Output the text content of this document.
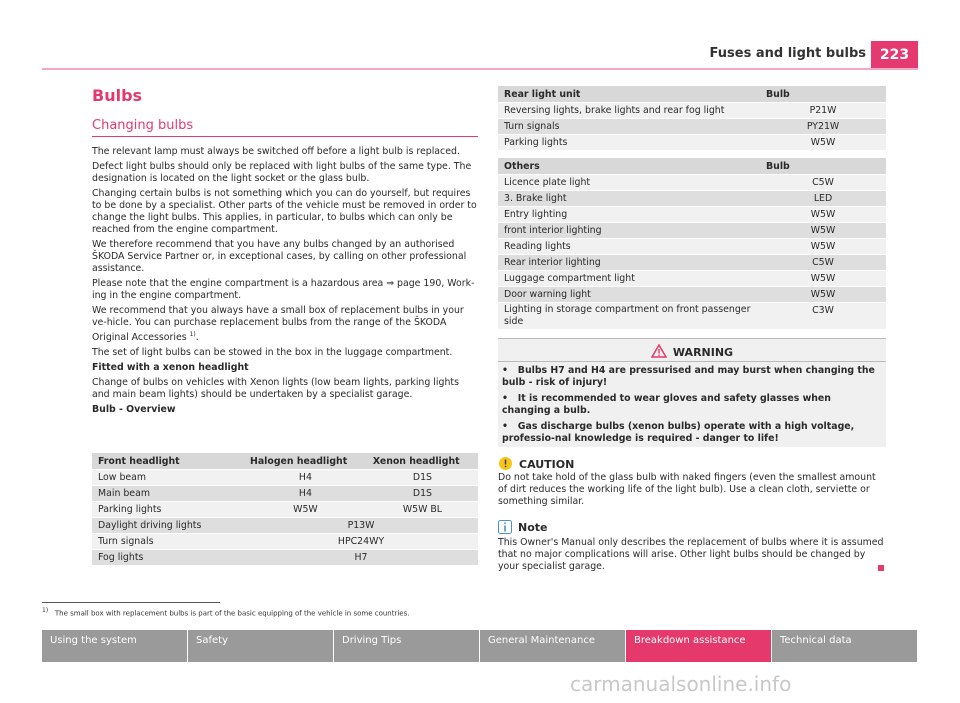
Fuses and light bulbs 223
Bulbs
Changing bulbs

The relevant lamp must always be switched off before a light bulb is replaced.

Defect light bulbs should only be replaced with light bulbs of the same type. The designation is located on the light socket or the glass bulb.

Changing certain bulbs is not something which you can do yourself, but requires to be done by a specialist. Other parts of the vehicle must be removed in order to change the light bulbs. This applies, in particular, to bulbs which can only be reached from the engine compartment.

We therefore recommend that you have any bulbs changed by an authorised ŠKODA Service Partner or, in exceptional cases, by calling on other professional assistance.

Please note that the engine compartment is a hazardous area ⇒ page 190, Work-ing in the engine compartment.

We recommend that you always have a small box of replacement bulbs in your ve-hicle. You can purchase replacement bulbs from the range of the ŠKODA Original Accessories $^{1)}$.

The set of light bulbs can be stowed in the box in the luggage compartment.

Fitted with a xenon headlight

Change of bulbs on vehicles with Xenon lights (low beam lights, parking lights and main beam lights) should be undertaken by a specialist garage.

Bulb - Overview

Front headlight	Halogen headlight	Xenon headlight
Low beam	H4	D1S
Main beam	H4	D1S
Parking lights	W5W	W5W BL
Daylight driving lights	P13W	
Turn signals	HPC24WY	
Fog lights	H7	
Rear light unit	Bulb
Reversing lights, brake lights and rear fog light	P21W
Turn signals	PY21W
Parking lights	W5W
Others	Bulb
Licence plate light	C5W
3. Brake light	LED
Entry lighting	W5W
front interior lighting	W5W
Reading lights	W5W
Rear interior lighting	C5W
Luggage compartment light	W5W
Door warning light	W5W
Lighting in storage compartment on front passenger side	C3W
WARNING

•   Bulbs H7 and H4 are pressurised and may burst when changing the bulb - risk of injury!

•   It is recommended to wear gloves and safety glasses when changing a bulb.

•   Gas discharge bulbs (xenon bulbs) operate with a high voltage, professio-nal knowledge is required - danger to life!

CAUTION
Do not take hold of the glass bulb with naked fingers (even the smallest amount of dirt reduces the working life of the light bulb). Use a clean cloth, serviette or something similar.
Note
This Owner's Manual only describes the replacement of bulbs where it is assumed that no major complications will arise. Other light bulbs should be changed by your specialist garage.
$^{1)}$ The small box with replacement bulbs is part of the basic equipping of the vehicle in some countries.
Using the system	Safety	Driving Tips	General Maintenance	Breakdown assistance	Technical data
carmanualsonline.info
